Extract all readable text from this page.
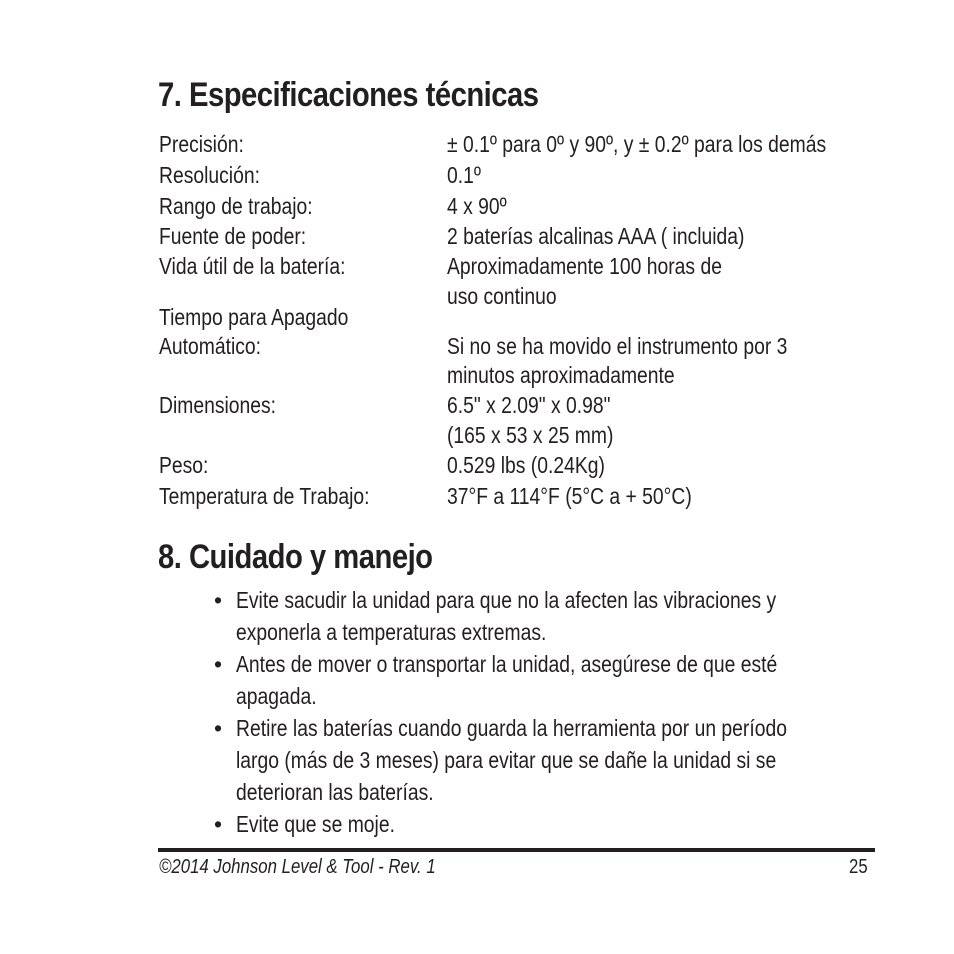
7. Especificaciones técnicas
Precisión:	± 0.1º para 0º y 90º, y ± 0.2º para los demás
Resolución:	0.1º
Rango de trabajo:	4 x 90º
Fuente de poder:	2 baterías alcalinas AAA ( incluida)
Vida útil de la batería:	Aproximadamente 100 horas de
uso continuo
Tiempo para Apagado
Automático:	Si no se ha movido el instrumento por 3
minutos aproximadamente
Dimensiones:	6.5" x 2.09" x 0.98"
(165 x 53 x 25 mm)
Peso:	0.529 lbs (0.24Kg)
Temperatura de Trabajo:	37°F a 114°F (5°C a + 50°C)
8. Cuidado y manejo
• Evite sacudir la unidad para que no la afecten las vibraciones y
exponerla a temperaturas extremas.
• Antes de mover o transportar la unidad, asegúrese de que esté
apagada.
• Retire las baterías cuando guarda la herramienta por un período
largo (más de 3 meses) para evitar que se dañe la unidad si se
deterioran las baterías.
• Evite que se moje.
©2014 Johnson Level & Tool - Rev. 1	25
